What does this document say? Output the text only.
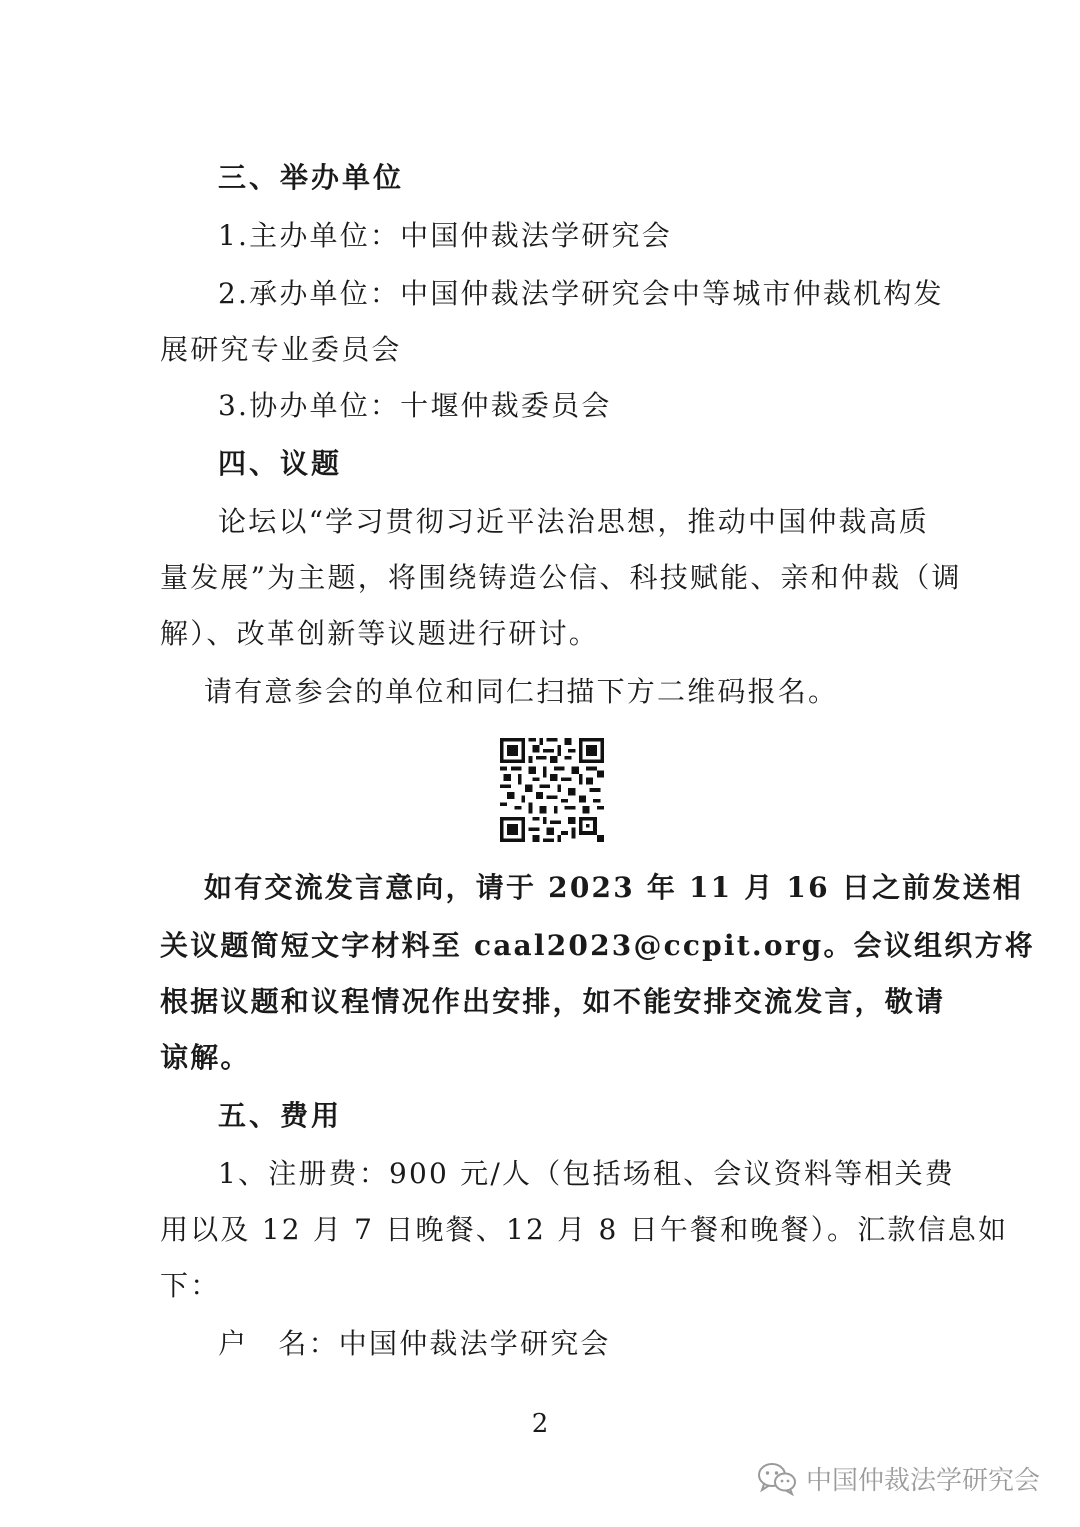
三、举办单位
1.主办单位：中国仲裁法学研究会
2.承办单位：中国仲裁法学研究会中等城市仲裁机构发
展研究专业委员会
3.协办单位：十堰仲裁委员会
四、议题
论坛以“学习贯彻习近平法治思想，推动中国仲裁高质
量发展”为主题，将围绕铸造公信、科技赋能、亲和仲裁（调
解）、改革创新等议题进行研讨。
请有意参会的单位和同仁扫描下方二维码报名。
如有交流发言意向，请于 2023 年 11 月 16 日之前发送相
关议题简短文字材料至 caal2023@ccpit.org。会议组织方将
根据议题和议程情况作出安排，如不能安排交流发言，敬请
谅解。
五、费用
1、注册费：900 元/人（包括场租、会议资料等相关费
用以及 12 月 7 日晚餐、12 月 8 日午餐和晚餐）。汇款信息如
下：
户　名：中国仲裁法学研究会
2
中国仲裁法学研究会
